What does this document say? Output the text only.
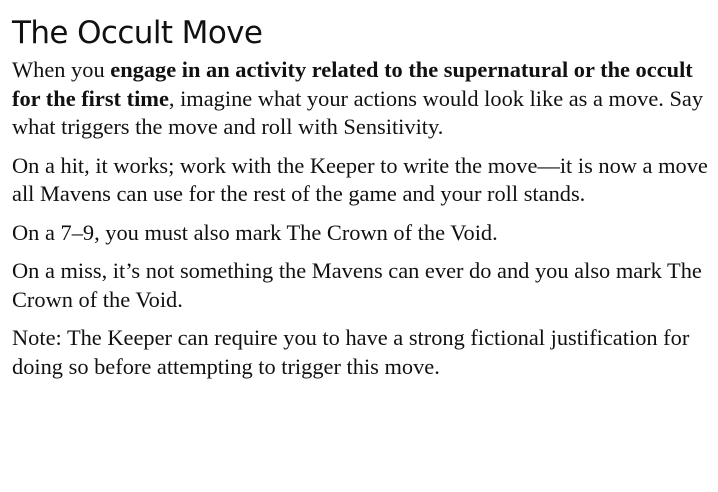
The Occult Move

When you engage in an activity related to the supernatural or the occult for the first time, imagine what your actions would look like as a move. Say what triggers the move and roll with Sensitivity.

On a hit, it works; work with the Keeper to write the move—it is now a move all Mavens can use for the rest of the game and your roll stands.

On a 7–9, you must also mark The Crown of the Void.

On a miss, it’s not something the Mavens can ever do and you also mark The Crown of the Void.

Note: The Keeper can require you to have a strong fictional justification for doing so before attempting to trigger this move.
